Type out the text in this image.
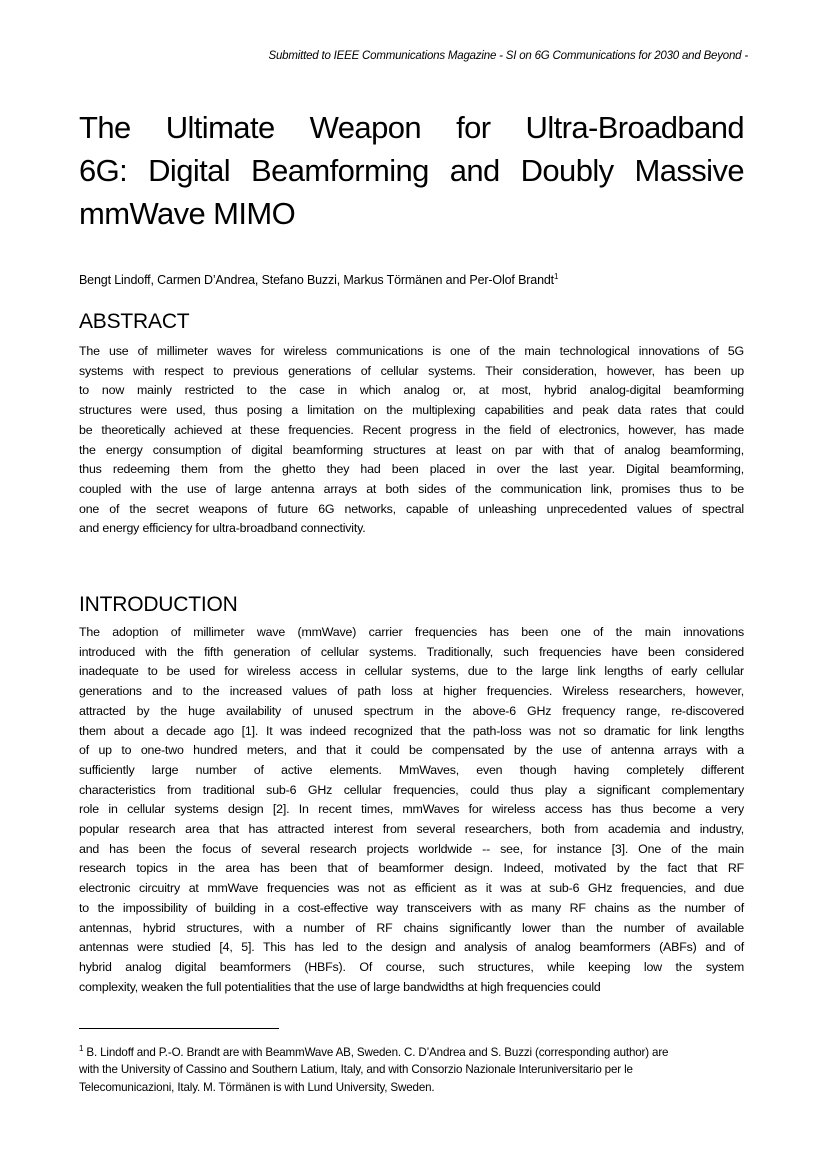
Submitted to IEEE Communications Magazine - SI on 6G Communications for 2030 and Beyond -
The Ultimate Weapon for Ultra-Broadband
6G: Digital Beamforming and Doubly Massive
mmWave MIMO
Bengt Lindoff, Carmen D’Andrea, Stefano Buzzi, Markus Törmänen and Per-Olof Brandt$^1$
ABSTRACT
The use of millimeter waves for wireless communications is one of the main technological innovations of 5G
systems with respect to previous generations of cellular systems. Their consideration, however, has been up
to now mainly restricted to the case in which analog or, at most, hybrid analog-digital beamforming
structures were used, thus posing a limitation on the multiplexing capabilities and peak data rates that could
be theoretically achieved at these frequencies. Recent progress in the field of electronics, however, has made
the energy consumption of digital beamforming structures at least on par with that of analog beamforming,
thus redeeming them from the ghetto they had been placed in over the last year. Digital beamforming,
coupled with the use of large antenna arrays at both sides of the communication link, promises thus to be
one of the secret weapons of future 6G networks, capable of unleashing unprecedented values of spectral
and energy efficiency for ultra-broadband connectivity.
INTRODUCTION
The adoption of millimeter wave (mmWave) carrier frequencies has been one of the main innovations
introduced with the fifth generation of cellular systems. Traditionally, such frequencies have been considered
inadequate to be used for wireless access in cellular systems, due to the large link lengths of early cellular
generations and to the increased values of path loss at higher frequencies. Wireless researchers, however,
attracted by the huge availability of unused spectrum in the above-6 GHz frequency range, re-discovered
them about a decade ago [1]. It was indeed recognized that the path-loss was not so dramatic for link lengths
of up to one-two hundred meters, and that it could be compensated by the use of antenna arrays with a
sufficiently large number of active elements. MmWaves, even though having completely different
characteristics from traditional sub-6 GHz cellular frequencies, could thus play a significant complementary
role in cellular systems design [2]. In recent times, mmWaves for wireless access has thus become a very
popular research area that has attracted interest from several researchers, both from academia and industry,
and has been the focus of several research projects worldwide -- see, for instance [3]. One of the main
research topics in the area has been that of beamformer design. Indeed, motivated by the fact that RF
electronic circuitry at mmWave frequencies was not as efficient as it was at sub-6 GHz frequencies, and due
to the impossibility of building in a cost-effective way transceivers with as many RF chains as the number of
antennas, hybrid structures, with a number of RF chains significantly lower than the number of available
antennas were studied [4, 5]. This has led to the design and analysis of analog beamformers (ABFs) and of
hybrid analog digital beamformers (HBFs). Of course, such structures, while keeping low the system
complexity, weaken the full potentialities that the use of large bandwidths at high frequencies could
$^1$ B. Lindoff and P.-O. Brandt are with BeammWave AB, Sweden. C. D’Andrea and S. Buzzi (corresponding author) are
with the University of Cassino and Southern Latium, Italy, and with Consorzio Nazionale Interuniversitario per le
Telecomunicazioni, Italy. M. Törmänen is with Lund University, Sweden.
